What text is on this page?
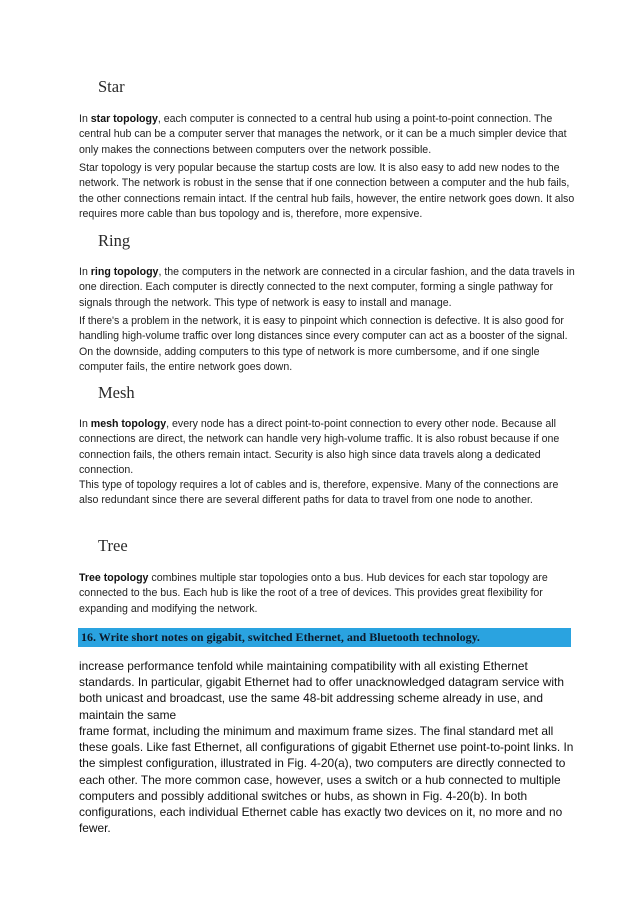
Star

In star topology, each computer is connected to a central hub using a point-to-point connection. The central hub can be a computer server that manages the network, or it can be a much simpler device that only makes the connections between computers over the network possible.

Star topology is very popular because the startup costs are low. It is also easy to add new nodes to the network. The network is robust in the sense that if one connection between a computer and the hub fails, the other connections remain intact. If the central hub fails, however, the entire network goes down. It also requires more cable than bus topology and is, therefore, more expensive.

Ring

In ring topology, the computers in the network are connected in a circular fashion, and the data travels in one direction. Each computer is directly connected to the next computer, forming a single pathway for signals through the network. This type of network is easy to install and manage.

If there's a problem in the network, it is easy to pinpoint which connection is defective. It is also good for handling high-volume traffic over long distances since every computer can act as a booster of the signal. On the downside, adding computers to this type of network is more cumbersome, and if one single computer fails, the entire network goes down.

Mesh

In mesh topology, every node has a direct point-to-point connection to every other node. Because all connections are direct, the network can handle very high-volume traffic. It is also robust because if one connection fails, the others remain intact. Security is also high since data travels along a dedicated connection.

This type of topology requires a lot of cables and is, therefore, expensive. Many of the connections are also redundant since there are several different paths for data to travel from one node to another.

Tree

Tree topology combines multiple star topologies onto a bus. Hub devices for each star topology are connected to the bus. Each hub is like the root of a tree of devices. This provides great flexibility for expanding and modifying the network.

16. Write short notes on gigabit, switched Ethernet, and Bluetooth technology.

increase performance tenfold while maintaining compatibility with all existing Ethernet standards. In particular, gigabit Ethernet had to offer unacknowledged datagram service with both unicast and broadcast, use the same 48-bit addressing scheme already in use, and maintain the same

frame format, including the minimum and maximum frame sizes. The final standard met all these goals. Like fast Ethernet, all configurations of gigabit Ethernet use point-to-point links. In the simplest configuration, illustrated in Fig. 4-20(a), two computers are directly connected to each other. The more common case, however, uses a switch or a hub connected to multiple computers and possibly additional switches or hubs, as shown in Fig. 4-20(b). In both configurations, each individual Ethernet cable has exactly two devices on it, no more and no fewer.
